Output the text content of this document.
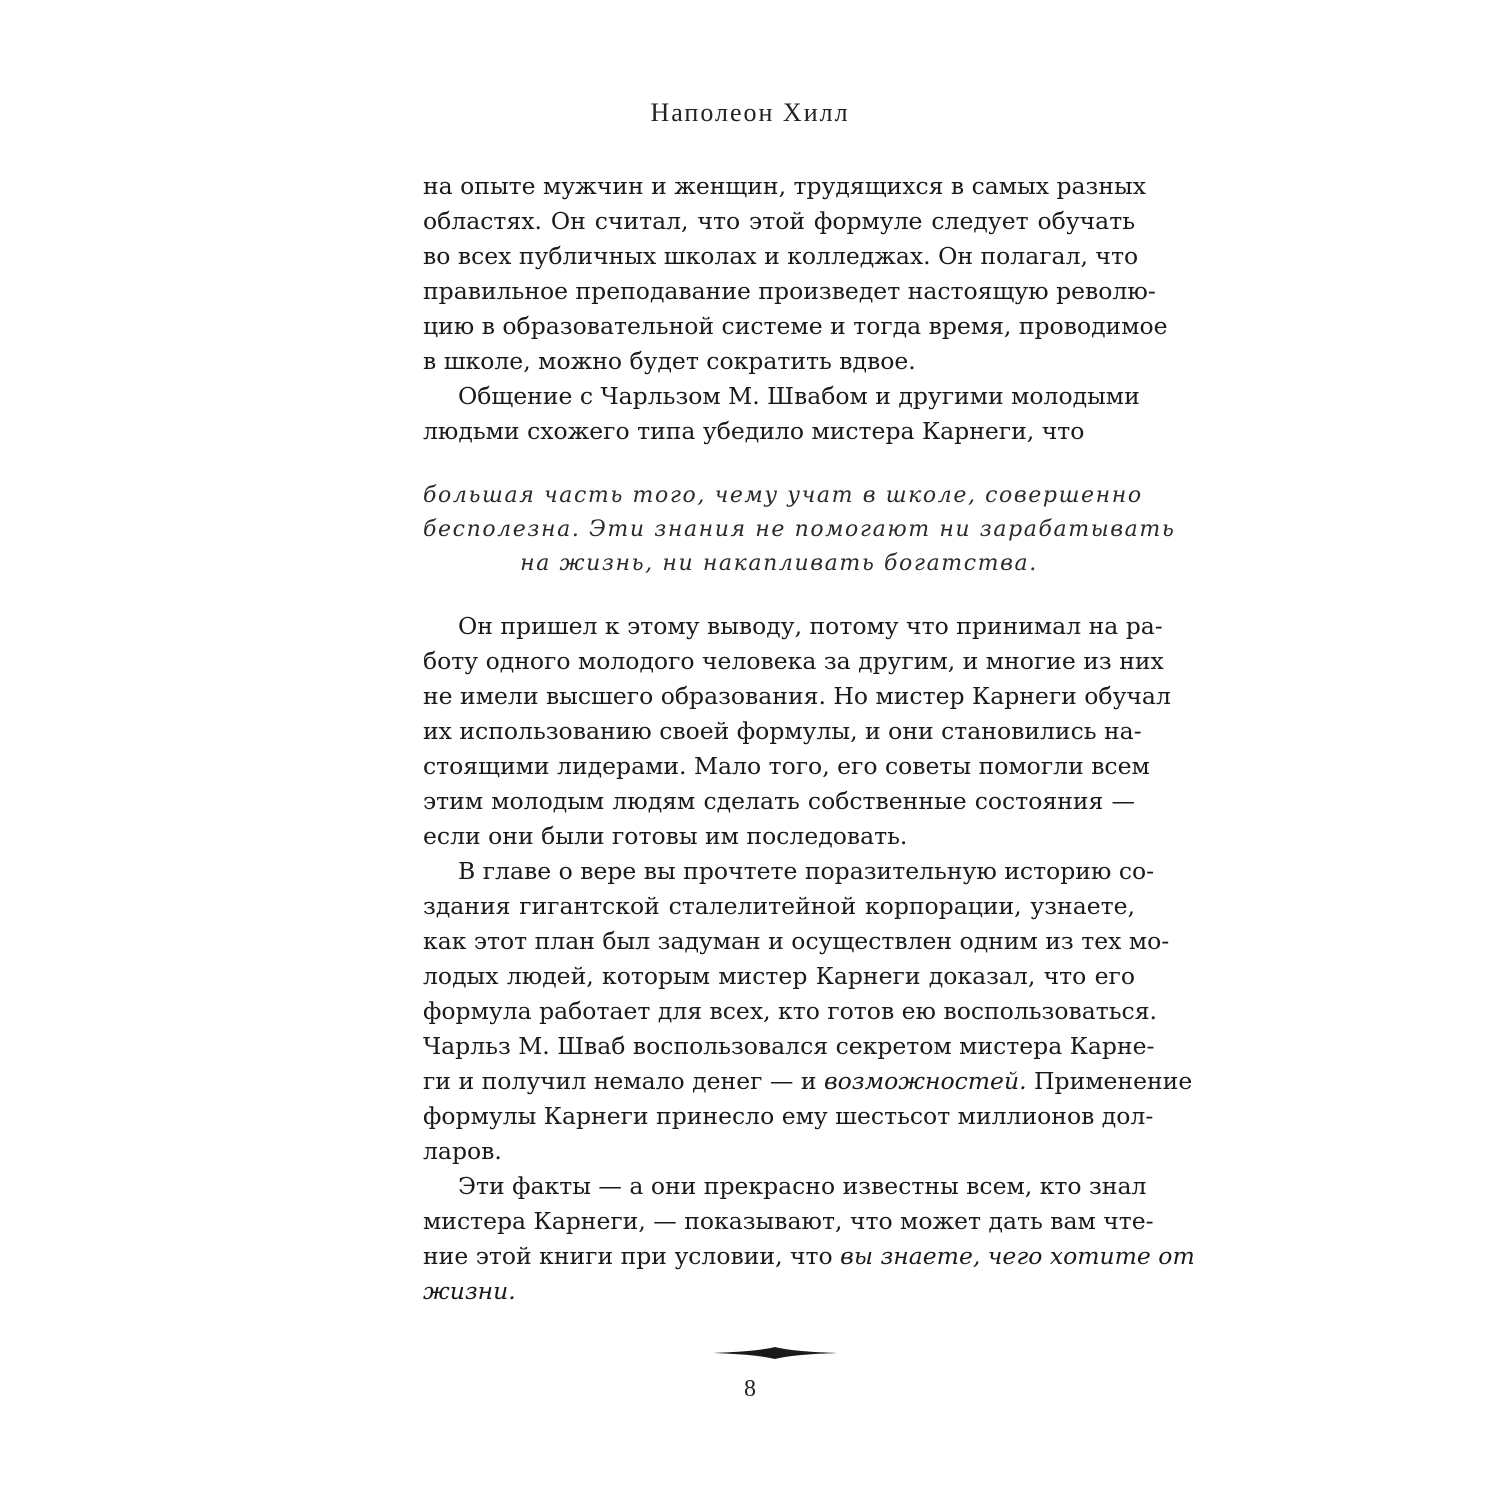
Наполеон Хилл
на опыте мужчин и женщин, трудящихся в самых разных
областях. Он считал, что этой формуле следует обучать
во всех публичных школах и колледжах. Он полагал, что
правильное преподавание произведет настоящую револю-
цию в образовательной системе и тогда время, проводимое
в школе, можно будет сократить вдвое.
Общение с Чарльзом М. Швабом и другими молодыми
людьми схожего типа убедило мистера Карнеги, что
Он пришел к этому выводу, потому что принимал на ра-
боту одного молодого человека за другим, и многие из них
не имели высшего образования. Но мистер Карнеги обучал
их использованию своей формулы, и они становились на-
стоящими лидерами. Мало того, его советы помогли всем
этим молодым людям сделать собственные состояния —
если они были готовы им последовать.
В главе о вере вы прочтете поразительную историю со-
здания гигантской сталелитейной корпорации, узнаете,
как этот план был задуман и осуществлен одним из тех мо-
лодых людей, которым мистер Карнеги доказал, что его
формула работает для всех, кто готов ею воспользоваться.
Чарльз М. Шваб воспользовался секретом мистера Карне-
ги и получил немало денег — и возможностей. Применение
формулы Карнеги принесло ему шестьсот миллионов дол-
ларов.
Эти факты — а они прекрасно известны всем, кто знал
мистера Карнеги, — показывают, что может дать вам чте-
ние этой книги при условии, что вы знаете, чего хотите от
жизни.
большая часть того, чему учат в школе, совершенно
бесполезна. Эти знания не помогают ни зарабатывать
на жизнь, ни накапливать богатства.
8
